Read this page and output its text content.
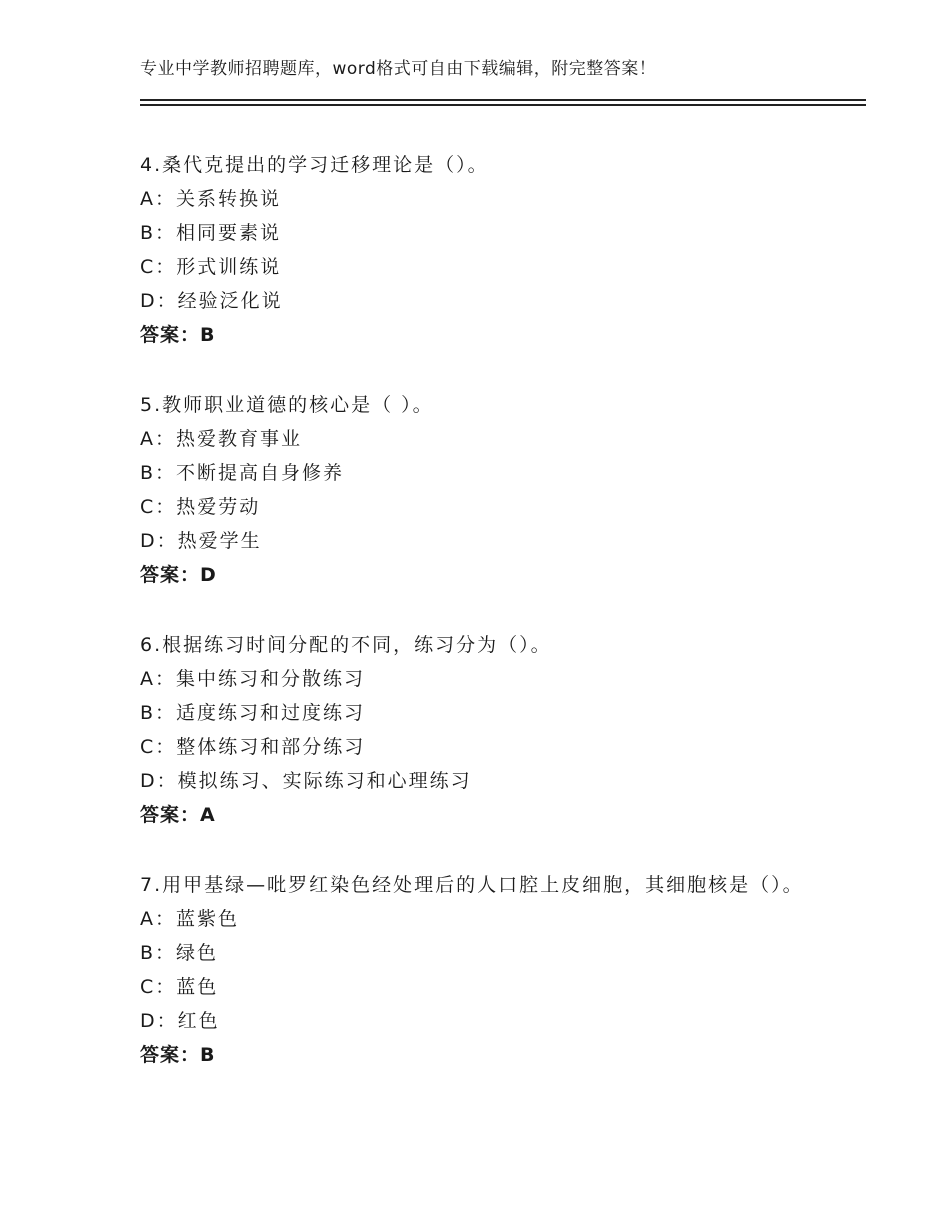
专业中学教师招聘题库，word格式可自由下载编辑，附完整答案！
4.桑代克提出的学习迁移理论是（）。
A：关系转换说
B：相同要素说
C：形式训练说
D：经验泛化说
答案：B
5.教师职业道德的核心是（ ）。
A：热爱教育事业
B：不断提高自身修养
C：热爱劳动
D：热爱学生
答案：D
6.根据练习时间分配的不同，练习分为（）。
A：集中练习和分散练习
B：适度练习和过度练习
C：整体练习和部分练习
D：模拟练习、实际练习和心理练习
答案：A
7.用甲基绿—吡罗红染色经处理后的人口腔上皮细胞，其细胞核是（）。
A：蓝紫色
B：绿色
C：蓝色
D：红色
答案：B
